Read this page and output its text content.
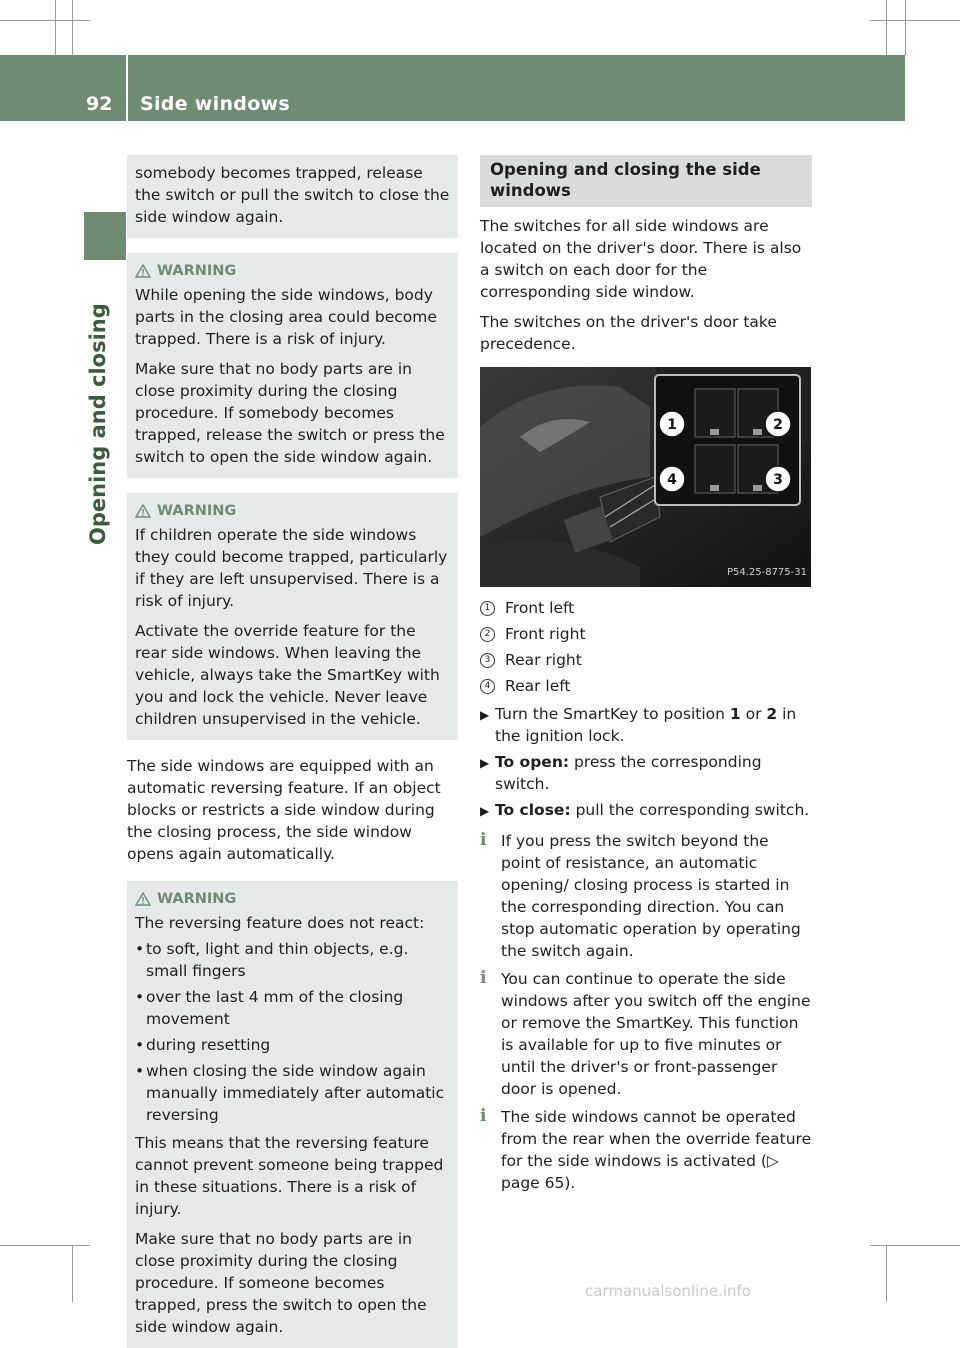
92 Side windows
Opening and closing

somebody becomes trapped, release the switch or pull the switch to close the side window again.

WARNING

While opening the side windows, body parts in the closing area could become trapped. There is a risk of injury.

Make sure that no body parts are in close proximity during the closing procedure. If somebody becomes trapped, release the switch or press the switch to open the side window again.

WARNING

If children operate the side windows they could become trapped, particularly if they are left unsupervised. There is a risk of injury.

Activate the override feature for the rear side windows. When leaving the vehicle, always take the SmartKey with you and lock the vehicle. Never leave children unsupervised in the vehicle.

The side windows are equipped with an automatic reversing feature. If an object blocks or restricts a side window during the closing process, the side window opens again automatically.

WARNING

The reversing feature does not react:

• to soft, light and thin objects, e.g. small fingers
• over the last 4 mm of the closing movement
• during resetting
• when closing the side window again manually immediately after automatic reversing

This means that the reversing feature cannot prevent someone being trapped in these situations. There is a risk of injury.

Make sure that no body parts are in close proximity during the closing procedure. If someone becomes trapped, press the switch to open the side window again.

Opening and closing the side windows

The switches for all side windows are located on the driver's door. There is also a switch on each door for the corresponding side window.

The switches on the driver's door take precedence.

1	2
3
4
P54.25-8775-31
1 Front left
2 Front right
3 Rear right
4 Rear left
▶ Turn the SmartKey to position 1 or 2 in the ignition lock.
▶ To open: press the corresponding switch.
▶ To close: pull the corresponding switch.
i If you press the switch beyond the point of resistance, an automatic opening/ closing process is started in the corresponding direction. You can stop automatic operation by operating the switch again.
i You can continue to operate the side windows after you switch off the engine or remove the SmartKey. This function is available for up to five minutes or until the driver's or front-passenger door is opened.
i The side windows cannot be operated from the rear when the override feature for the side windows is activated (▷ page 65).
carmanualsonline.info
